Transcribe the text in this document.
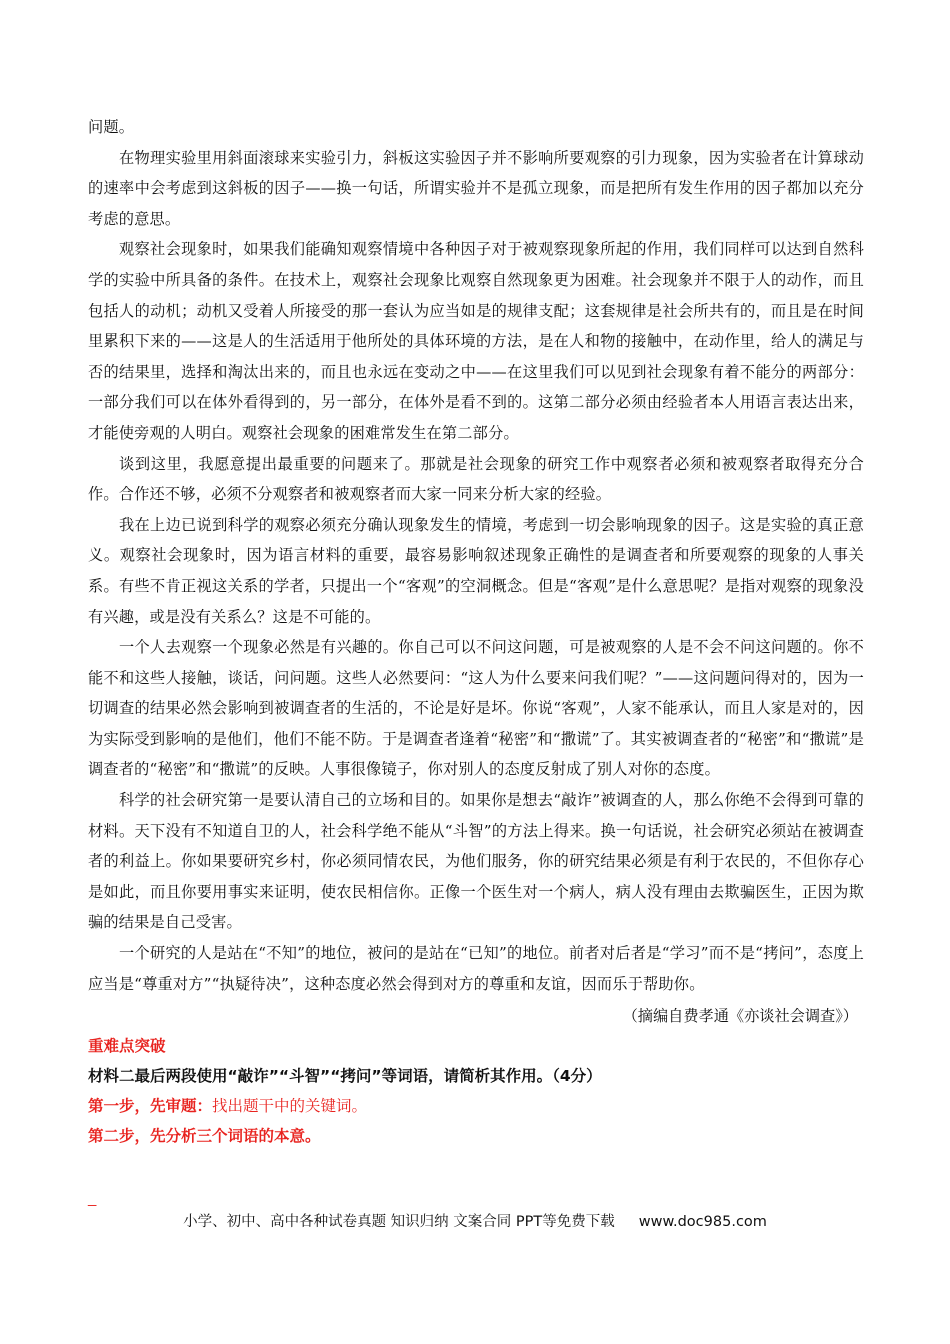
问题。

在物理实验里用斜面滚球来实验引力，斜板这实验因子并不影响所要观察的引力现象，因为实验者在计算球动的速率中会考虑到这斜板的因子——换一句话，所谓实验并不是孤立现象，而是把所有发生作用的因子都加以充分考虑的意思。

观察社会现象时，如果我们能确知观察情境中各种因子对于被观察现象所起的作用，我们同样可以达到自然科学的实验中所具备的条件。在技术上，观察社会现象比观察自然现象更为困难。社会现象并不限于人的动作，而且包括人的动机；动机又受着人所接受的那一套认为应当如是的规律支配；这套规律是社会所共有的，而且是在时间里累积下来的——这是人的生活适用于他所处的具体环境的方法，是在人和物的接触中，在动作里，给人的满足与否的结果里，选择和淘汰出来的，而且也永远在变动之中——在这里我们可以见到社会现象有着不能分的两部分：一部分我们可以在体外看得到的，另一部分，在体外是看不到的。这第二部分必须由经验者本人用语言表达出来，才能使旁观的人明白。观察社会现象的困难常发生在第二部分。

谈到这里，我愿意提出最重要的问题来了。那就是社会现象的研究工作中观察者必须和被观察者取得充分合作。合作还不够，必须不分观察者和被观察者而大家一同来分析大家的经验。

我在上边已说到科学的观察必须充分确认现象发生的情境，考虑到一切会影响现象的因子。这是实验的真正意义。观察社会现象时，因为语言材料的重要，最容易影响叙述现象正确性的是调查者和所要观察的现象的人事关系。有些不肯正视这关系的学者，只提出一个“客观”的空洞概念。但是“客观”是什么意思呢？是指对观察的现象没有兴趣，或是没有关系么？这是不可能的。

一个人去观察一个现象必然是有兴趣的。你自己可以不问这问题，可是被观察的人是不会不问这问题的。你不能不和这些人接触，谈话，问问题。这些人必然要问：“这人为什么要来问我们呢？”——这问题问得对的，因为一切调查的结果必然会影响到被调查者的生活的，不论是好是坏。你说“客观”，人家不能承认，而且人家是对的，因为实际受到影响的是他们，他们不能不防。于是调查者逢着“秘密”和“撒谎”了。其实被调查者的“秘密”和“撒谎”是调查者的“秘密”和“撒谎”的反映。人事很像镜子，你对别人的态度反射成了别人对你的态度。

科学的社会研究第一是要认清自己的立场和目的。如果你是想去“敲诈”被调查的人，那么你绝不会得到可靠的材料。天下没有不知道自卫的人，社会科学绝不能从“斗智”的方法上得来。换一句话说，社会研究必须站在被调查者的利益上。你如果要研究乡村，你必须同情农民，为他们服务，你的研究结果必须是有利于农民的，不但你存心是如此，而且你要用事实来证明，使农民相信你。正像一个医生对一个病人，病人没有理由去欺骗医生，正因为欺骗的结果是自己受害。

一个研究的人是站在“不知”的地位，被问的是站在“已知”的地位。前者对后者是“学习”而不是“拷问”，态度上应当是“尊重对方”“执疑待决”，这种态度必然会得到对方的尊重和友谊，因而乐于帮助你。

（摘编自费孝通《亦谈社会调查》）

重难点突破

材料二最后两段使用“敲诈”“斗智”“拷问”等词语，请简析其作用。（4分）

第一步，先审题：找出题干中的关键词。

第二步，先分析三个词语的本意。

_
小学、初中、高中各种试卷真题 知识归纳 文案合同 PPT等免费下载 www.doc985.com
